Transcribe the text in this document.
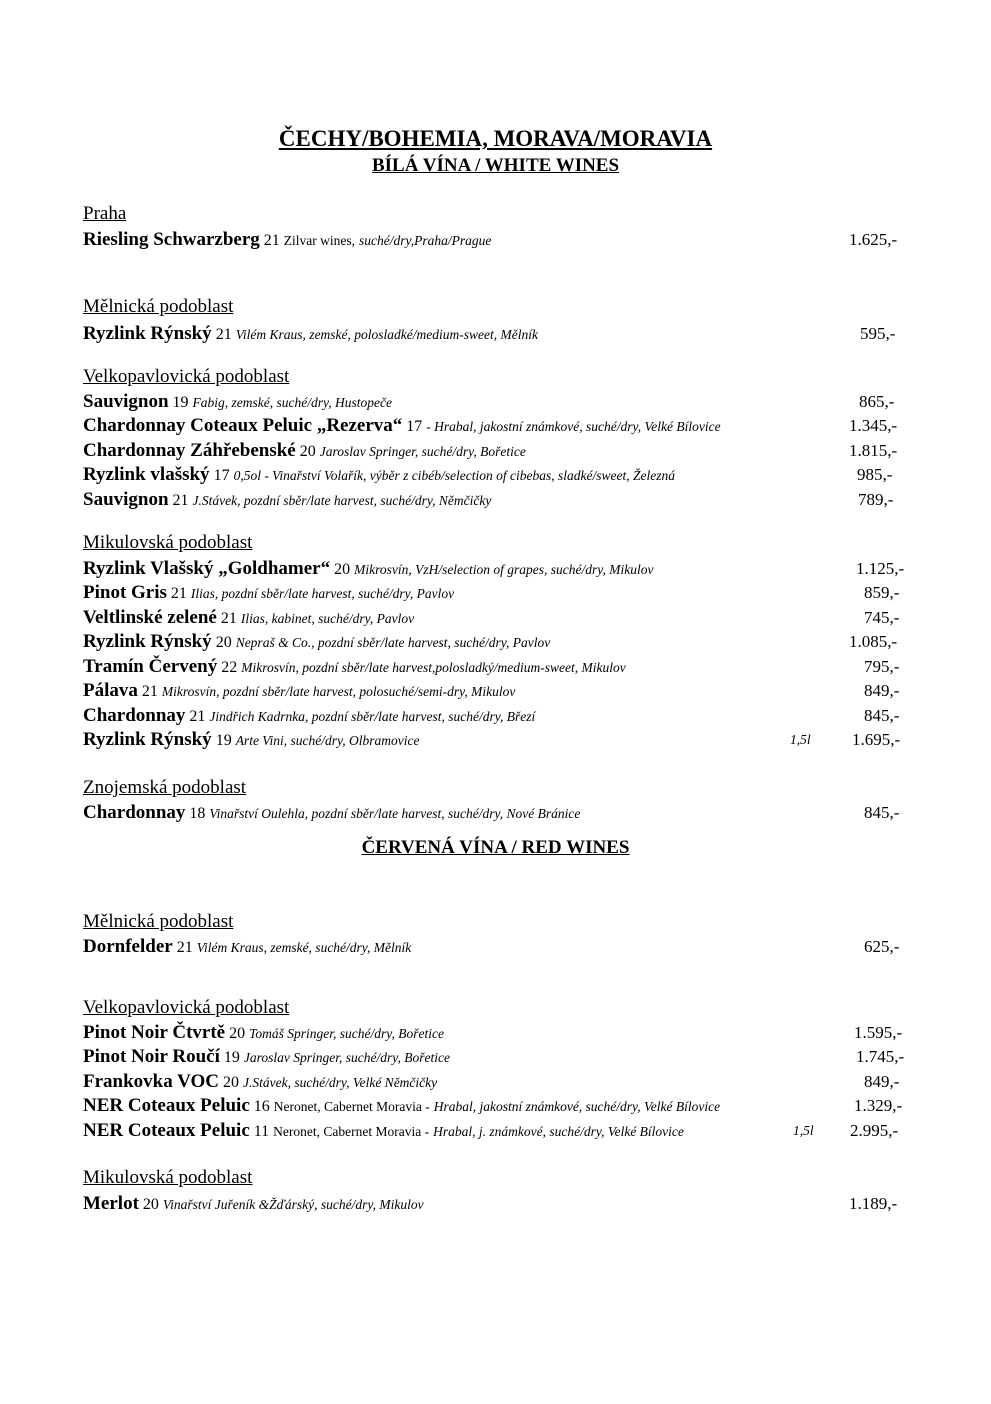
ČECHY/BOHEMIA, MORAVA/MORAVIA
BÍLÁ VÍNA / WHITE WINES
ČERVENÁ VÍNA / RED WINES
Praha
Riesling Schwarzberg 21 Zilvar wines, suché/dry,Praha/Prague	1.625,-
Mělnická podoblast
Ryzlink Rýnský 21 Vilém Kraus, zemské, polosladké/medium-sweet, Mělník	595,-
Velkopavlovická podoblast
Sauvignon 19 Fabig, zemské, suché/dry, Hustopeče	865,-
Chardonnay Coteaux Peluic „Rezerva“ 17 - Hrabal, jakostní známkové, suché/dry, Velké Bílovice	1.345,-
Chardonnay Záhřebenské 20 Jaroslav Springer, suché/dry, Bořetice	1.815,-
Ryzlink vlašský 17 0,5ol - Vinařství Volařík, výběr z cibéb/selection of cibebas, sladké/sweet, Železná	985,-
Sauvignon 21 J.Stávek, pozdní sběr/late harvest, suché/dry, Němčičky	789,-
Mikulovská podoblast
Ryzlink Vlašský „Goldhamer“ 20 Mikrosvín, VzH/selection of grapes, suché/dry, Mikulov	1.125,-
Pinot Gris 21 Ilias, pozdní sběr/late harvest, suché/dry, Pavlov	859,-
Veltlinské zelené 21 Ilias, kabinet, suché/dry, Pavlov	745,-
Ryzlink Rýnský 20 Nepraš & Co., pozdní sběr/late harvest, suché/dry, Pavlov	1.085,-
Tramín Červený 22 Mikrosvín, pozdní sběr/late harvest,polosladký/medium-sweet, Mikulov	795,-
Pálava 21 Mikrosvín, pozdní sběr/late harvest, polosuché/semi-dry, Mikulov	849,-
Chardonnay 21 Jindřich Kadrnka, pozdní sběr/late harvest, suché/dry, Březí	845,-
Ryzlink Rýnský 19 Arte Vini, suché/dry, Olbramovice	1,5l 1.695,-
Znojemská podoblast
Chardonnay 18 Vinařství Oulehla, pozdní sběr/late harvest, suché/dry, Nové Bránice	845,-
Mělnická podoblast
Dornfelder 21 Vilém Kraus, zemské, suché/dry, Mělník	625,-
Velkopavlovická podoblast
Pinot Noir Čtvrtě 20 Tomáš Springer, suché/dry, Bořetice	1.595,-
Pinot Noir Roučí 19 Jaroslav Springer, suché/dry, Bořetice	1.745,-
Frankovka VOC 20 J.Stávek, suché/dry, Velké Němčičky	849,-
NER Coteaux Peluic 16 Neronet, Cabernet Moravia - Hrabal, jakostní známkové, suché/dry, Velké Bílovice	1.329,-
NER Coteaux Peluic 11 Neronet, Cabernet Moravia - Hrabal, j. známkové, suché/dry, Velké Bílovice	1,5l 2.995,-
Mikulovská podoblast
Merlot 20 Vinařství Juřeník &Žďárský, suché/dry, Mikulov	1.189,-
